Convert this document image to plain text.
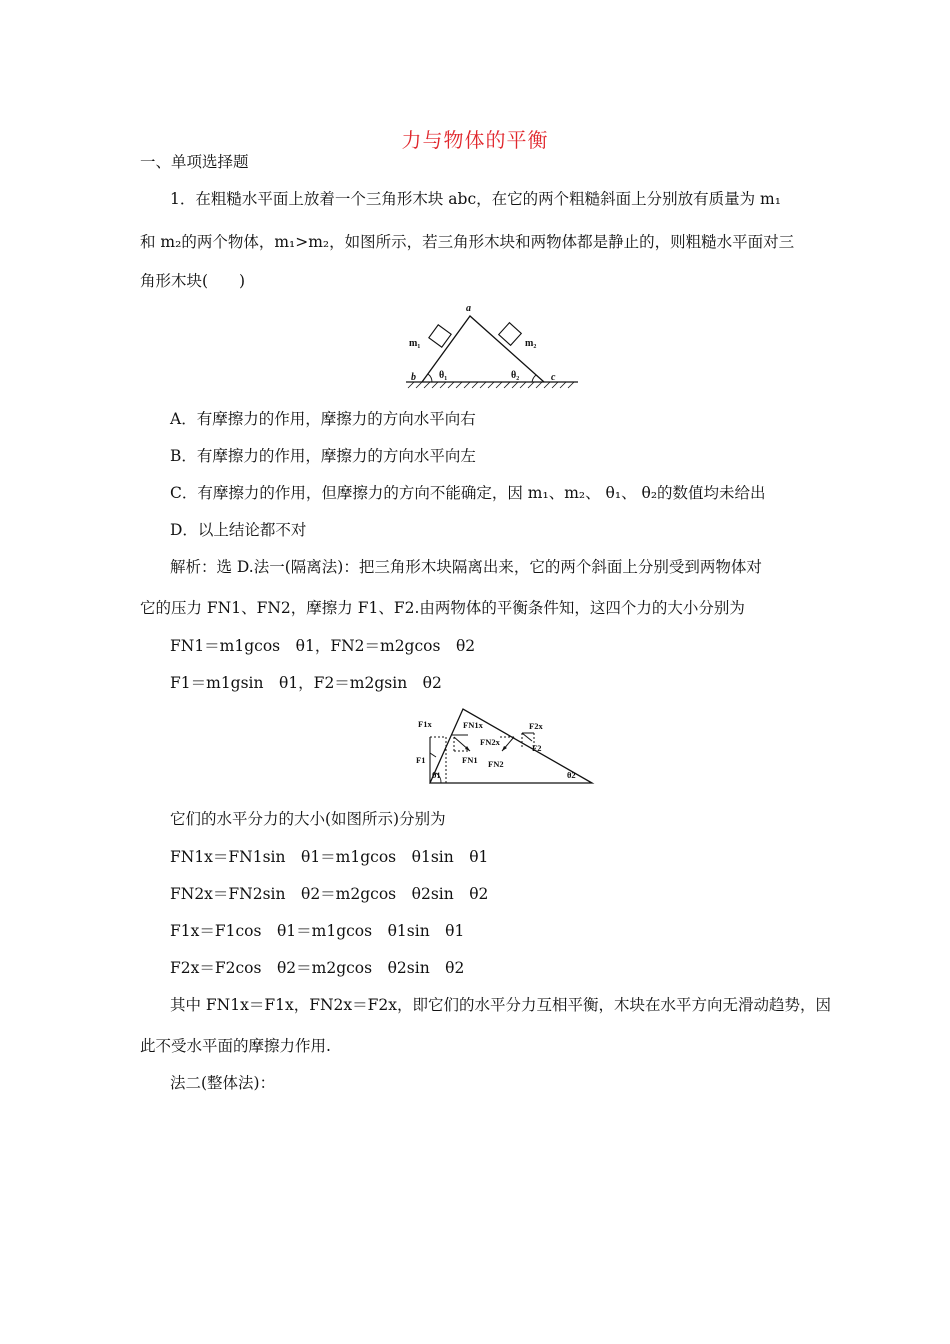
力与物体的平衡
一、单项选择题
1．在粗糙水平面上放着一个三角形木块 abc，在它的两个粗糙斜面上分别放有质量为 m₁
和 m₂的两个物体，m₁>m₂，如图所示，若三角形木块和两物体都是静止的，则粗糙水平面对三
角形木块(　　)
a
b	c
m₁	m₂
θ₁	θ₂
A．有摩擦力的作用，摩擦力的方向水平向右
B．有摩擦力的作用，摩擦力的方向水平向左
C．有摩擦力的作用，但摩擦力的方向不能确定，因 m₁、m₂、 θ₁、 θ₂的数值均未给出
D．以上结论都不对
解析：选 D.法一(隔离法)：把三角形木块隔离出来，它的两个斜面上分别受到两物体对
它的压力 FN1、FN2，摩擦力 F1、F2.由两物体的平衡条件知，这四个力的大小分别为
FN1＝m1gcos　θ1，FN2＝m2gcos　θ2
F1＝m1gsin　θ1，F2＝m2gsin　θ2
F1x	FN1x	F2x
F1	FN1
FN2x
F2
FN2
θ1	θ2
它们的水平分力的大小(如图所示)分别为
FN1x＝FN1sin　θ1＝m1gcos　θ1sin　θ1
FN2x＝FN2sin　θ2＝m2gcos　θ2sin　θ2
F1x＝F1cos　θ1＝m1gcos　θ1sin　θ1
F2x＝F2cos　θ2＝m2gcos　θ2sin　θ2
其中 FN1x＝F1x，FN2x＝F2x，即它们的水平分力互相平衡，木块在水平方向无滑动趋势，因
此不受水平面的摩擦力作用.
法二(整体法)：
